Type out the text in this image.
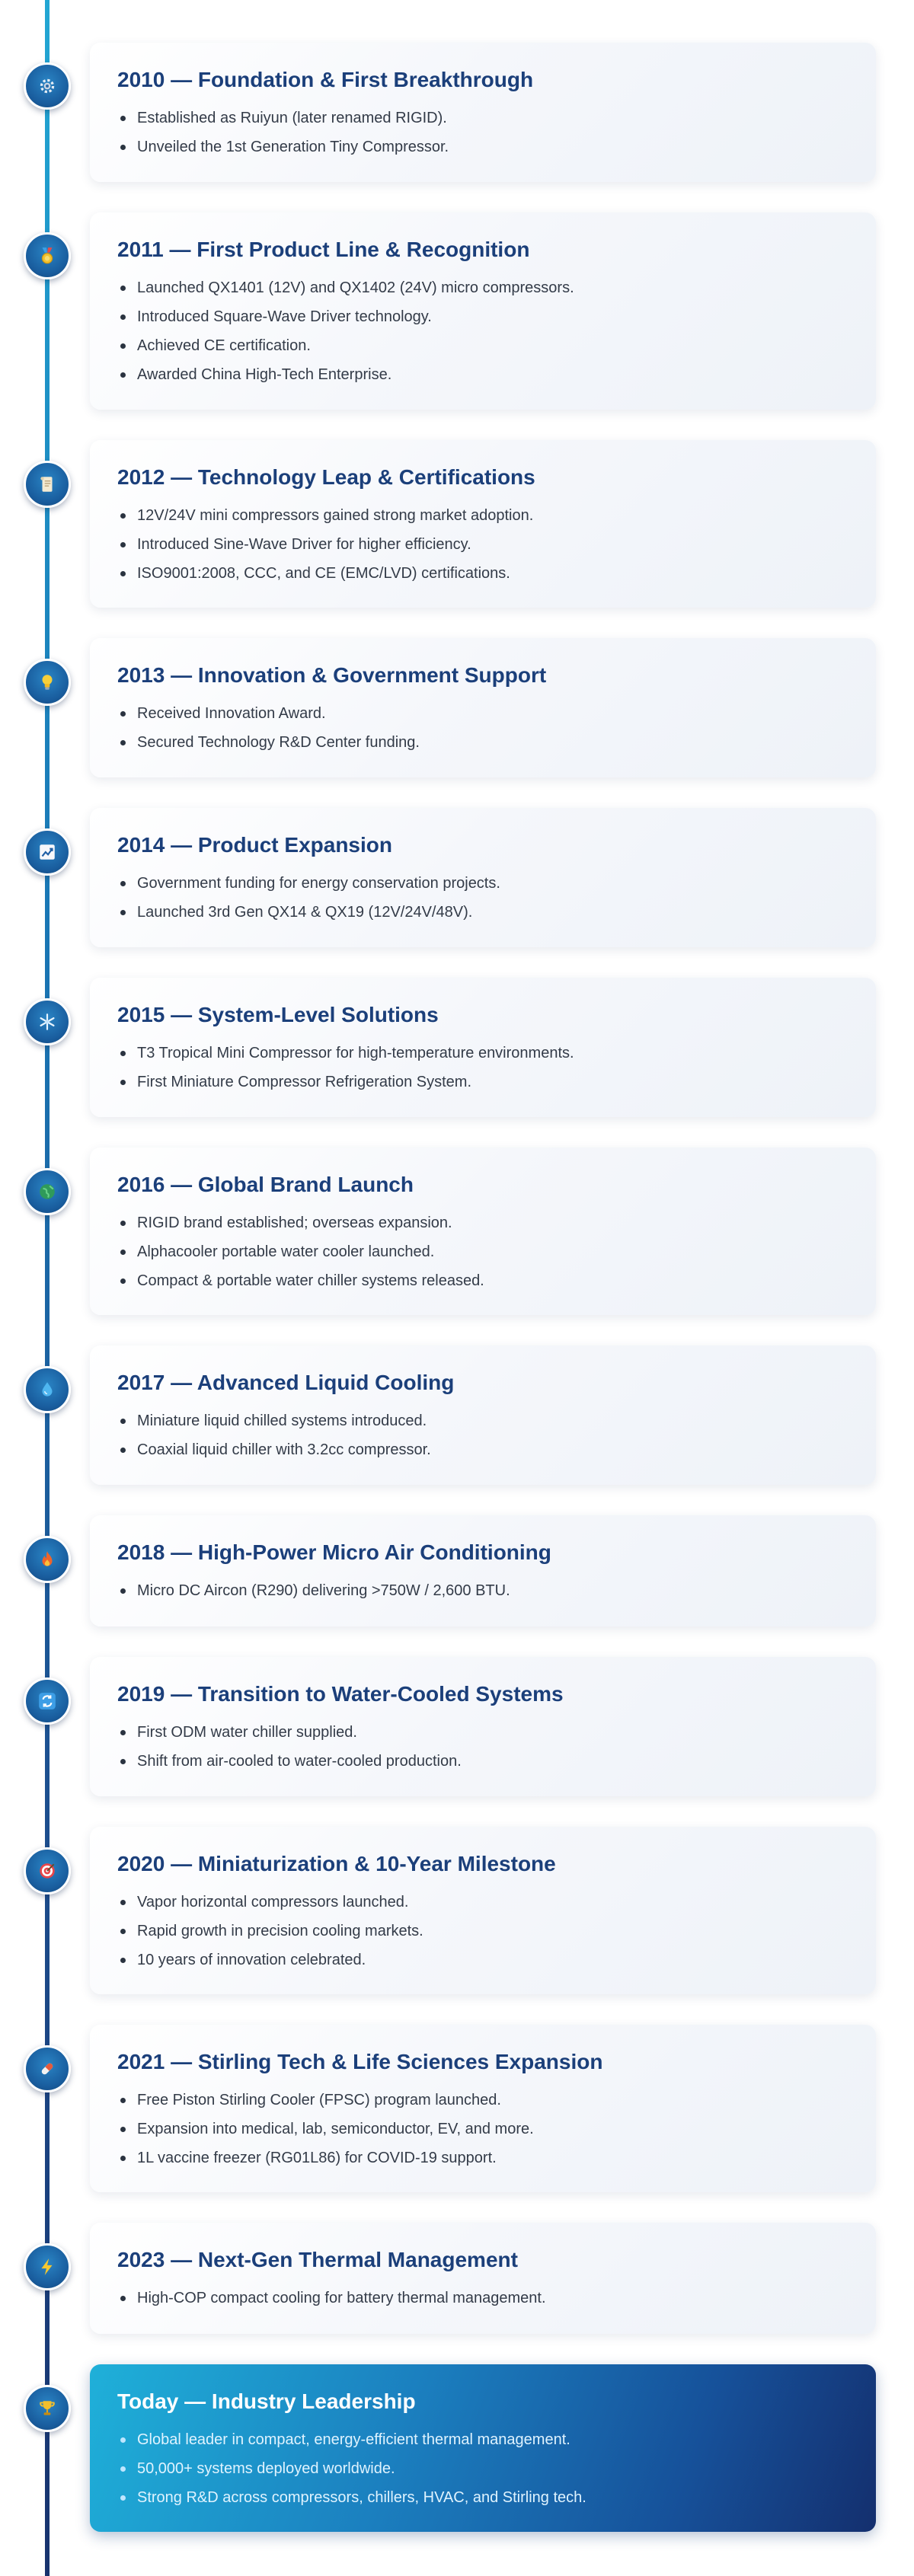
2010 — Foundation & First Breakthrough
Established as Ruiyun (later renamed RIGID).
Unveiled the 1st Generation Tiny Compressor.
2011 — First Product Line & Recognition
Launched QX1401 (12V) and QX1402 (24V) micro compressors.
Introduced Square-Wave Driver technology.
Achieved CE certification.
Awarded China High-Tech Enterprise.
2012 — Technology Leap & Certifications
12V/24V mini compressors gained strong market adoption.
Introduced Sine-Wave Driver for higher efficiency.
ISO9001:2008, CCC, and CE (EMC/LVD) certifications.
2013 — Innovation & Government Support
Received Innovation Award.
Secured Technology R&D Center funding.
2014 — Product Expansion
Government funding for energy conservation projects.
Launched 3rd Gen QX14 & QX19 (12V/24V/48V).
2015 — System-Level Solutions
T3 Tropical Mini Compressor for high-temperature environments.
First Miniature Compressor Refrigeration System.
2016 — Global Brand Launch
RIGID brand established; overseas expansion.
Alphacooler portable water cooler launched.
Compact & portable water chiller systems released.
2017 — Advanced Liquid Cooling
Miniature liquid chilled systems introduced.
Coaxial liquid chiller with 3.2cc compressor.
2018 — High-Power Micro Air Conditioning
Micro DC Aircon (R290) delivering >750W / 2,600 BTU.
2019 — Transition to Water-Cooled Systems
First ODM water chiller supplied.
Shift from air-cooled to water-cooled production.
2020 — Miniaturization & 10-Year Milestone
Vapor horizontal compressors launched.
Rapid growth in precision cooling markets.
10 years of innovation celebrated.
2021 — Stirling Tech & Life Sciences Expansion
Free Piston Stirling Cooler (FPSC) program launched.
Expansion into medical, lab, semiconductor, EV, and more.
1L vaccine freezer (RG01L86) for COVID-19 support.
2023 — Next-Gen Thermal Management
High-COP compact cooling for battery thermal management.
Today — Industry Leadership
Global leader in compact, energy-efficient thermal management.
50,000+ systems deployed worldwide.
Strong R&D across compressors, chillers, HVAC, and Stirling tech.
